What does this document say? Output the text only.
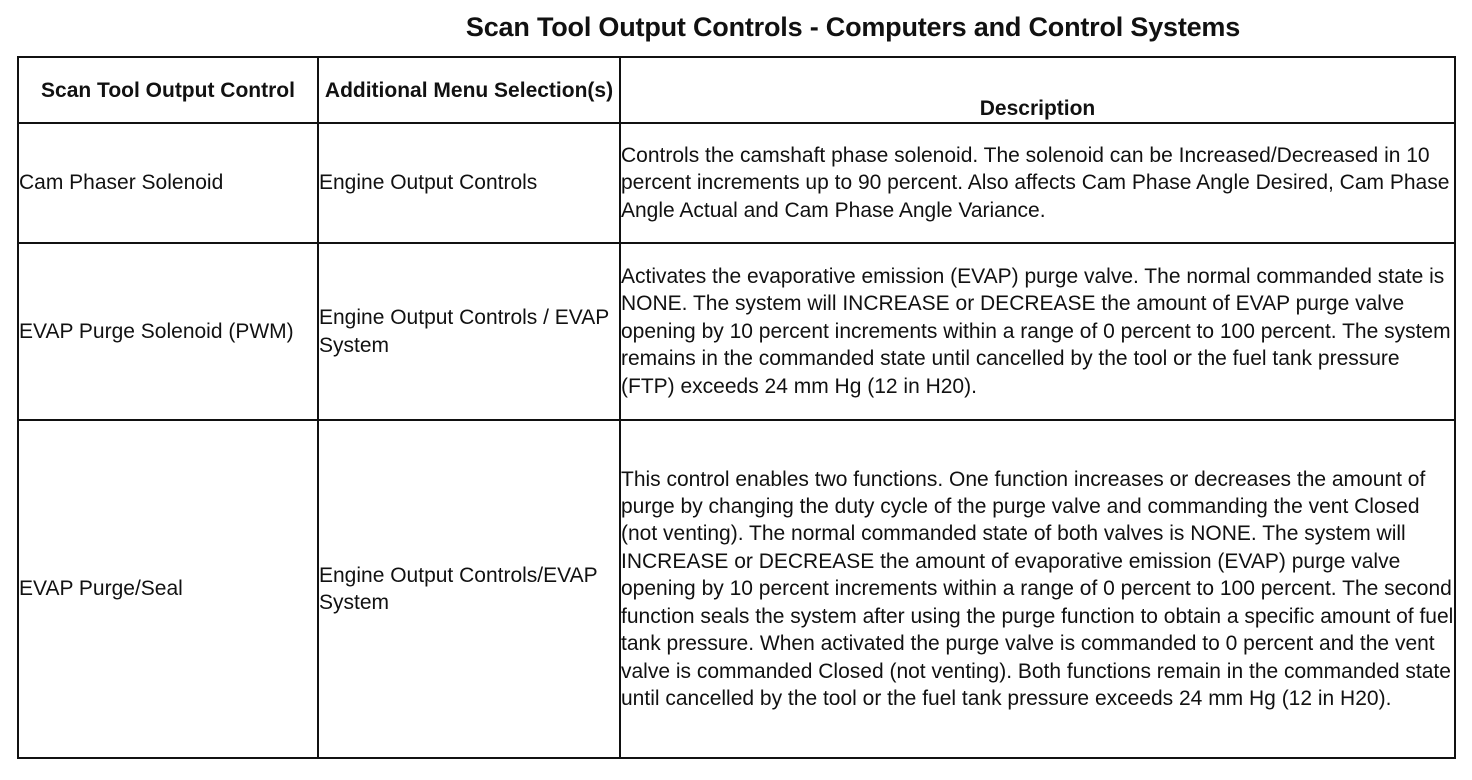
Scan Tool Output Controls - Computers and Control Systems
Scan Tool Output Control	Additional Menu Selection(s)	Description
Cam Phaser Solenoid	Engine Output Controls	Controls the camshaft phase solenoid. The solenoid can be Increased/Decreased in 10 percent increments up to 90 percent. Also affects Cam Phase Angle Desired, Cam Phase Angle Actual and Cam Phase Angle Variance.
EVAP Purge Solenoid (PWM)	Engine Output Controls / EVAP System	Activates the evaporative emission (EVAP) purge valve. The normal commanded state is NONE. The system will INCREASE or DECREASE the amount of EVAP purge valve opening by 10 percent increments within a range of 0 percent to 100 percent. The system remains in the commanded state until cancelled by the tool or the fuel tank pressure (FTP) exceeds 24 mm Hg (12 in H20).
EVAP Purge/Seal	Engine Output Controls/EVAP System	This control enables two functions. One function increases or decreases the amount of purge by changing the duty cycle of the purge valve and commanding the vent Closed (not venting). The normal commanded state of both valves is NONE. The system will INCREASE or DECREASE the amount of evaporative emission (EVAP) purge valve opening by 10 percent increments within a range of 0 percent to 100 percent. The second function seals the system after using the purge function to obtain a specific amount of fuel tank pressure. When activated the purge valve is commanded to 0 percent and the vent valve is commanded Closed (not venting). Both functions remain in the commanded state until cancelled by the tool or the fuel tank pressure exceeds 24 mm Hg (12 in H20).
